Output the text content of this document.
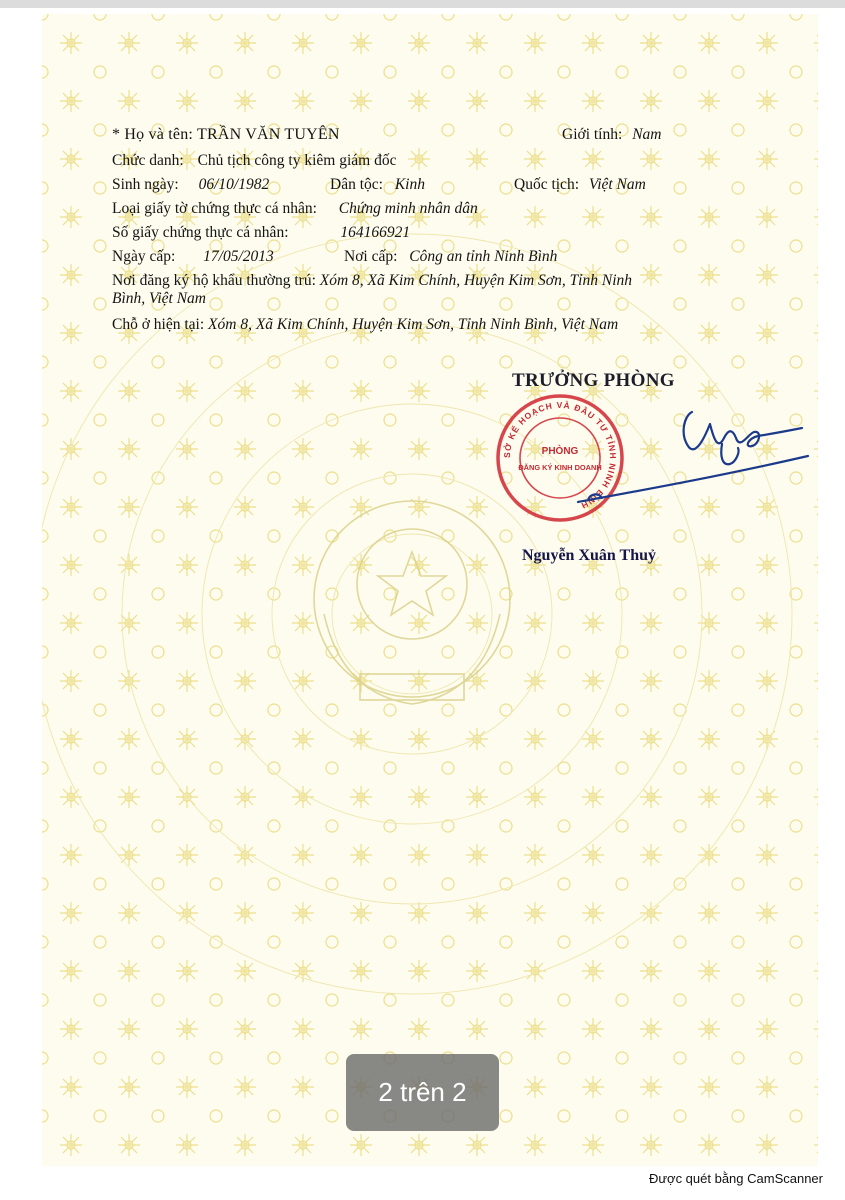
* Họ và tên: TRẦN VĂN TUYÊN	Giới tính: Nam
Chức danh: Chủ tịch công ty kiêm giám đốc
Sinh ngày: 06/10/1982	Dân tộc: Kinh	Quốc tịch: Việt Nam
Loại giấy tờ chứng thực cá nhân: Chứng minh nhân dân
Số giấy chứng thực cá nhân:	164166921
Ngày cấp: 17/05/2013	Nơi cấp: Công an tỉnh Ninh Bình
Nơi đăng ký hộ khẩu thường trú: Xóm 8, Xã Kim Chính, Huyện Kim Sơn, Tỉnh Ninh
Bình, Việt Nam
Chỗ ở hiện tại: Xóm 8, Xã Kim Chính, Huyện Kim Sơn, Tỉnh Ninh Bình, Việt Nam
TRƯỞNG PHÒNG
SỞ KẾ HOẠCH VÀ ĐẦU TƯ TỈNH NINH BÌNH
PHÒNG
ĐĂNG KÝ KINH DOANH
Nguyễn Xuân Thuỷ
2 trên 2
Được quét bằng CamScanner
